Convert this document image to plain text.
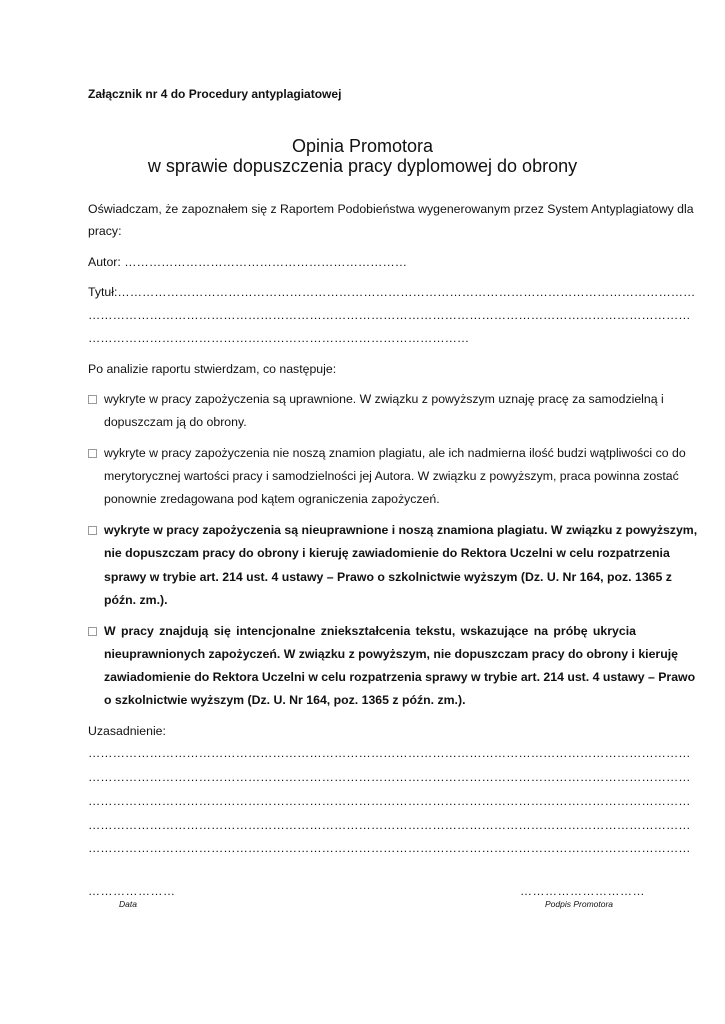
Załącznik nr 4 do Procedury antyplagiatowej
Opinia Promotora
w sprawie dopuszczenia pracy dyplomowej do obrony
Oświadczam, że zapoznałem się z Raportem Podobieństwa wygenerowanym przez System Antyplagiatowy dla
pracy:
Autor: ……………………………………………………………
Tytuł:……………………………………………………………………………………………………………………………
…………………………………………………………………………………………………………………………………
…………………………………………………………………………………
Po analizie raportu stwierdzam, co następuje:
wykryte w pracy zapożyczenia są uprawnione. W związku z powyższym uznaję pracę za samodzielną i
dopuszczam ją do obrony.
wykryte w pracy zapożyczenia nie noszą znamion plagiatu, ale ich nadmierna ilość budzi wątpliwości co do
merytorycznej wartości pracy i samodzielności jej Autora. W związku z powyższym, praca powinna zostać
ponownie zredagowana pod kątem ograniczenia zapożyczeń.
wykryte w pracy zapożyczenia są nieuprawnione i noszą znamiona plagiatu. W związku z powyższym,
nie dopuszczam pracy do obrony i kieruję zawiadomienie do Rektora Uczelni w celu rozpatrzenia
sprawy w trybie art. 214 ust. 4 ustawy – Prawo o szkolnictwie wyższym (Dz. U. Nr 164, poz. 1365 z
późn. zm.).
W pracy znajdują się intencjonalne zniekształcenia tekstu, wskazujące na próbę ukrycia
nieuprawnionych zapożyczeń. W związku z powyższym, nie dopuszczam pracy do obrony i kieruję
zawiadomienie do Rektora Uczelni w celu rozpatrzenia sprawy w trybie art. 214 ust. 4 ustawy – Prawo
o szkolnictwie wyższym (Dz. U. Nr 164, poz. 1365 z późn. zm.).
Uzasadnienie:
…………………………………………………………………………………………………………………………………
…………………………………………………………………………………………………………………………………
…………………………………………………………………………………………………………………………………
…………………………………………………………………………………………………………………………………
…………………………………………………………………………………………………………………………………
…………………
Data
…………………………
Podpis Promotora
